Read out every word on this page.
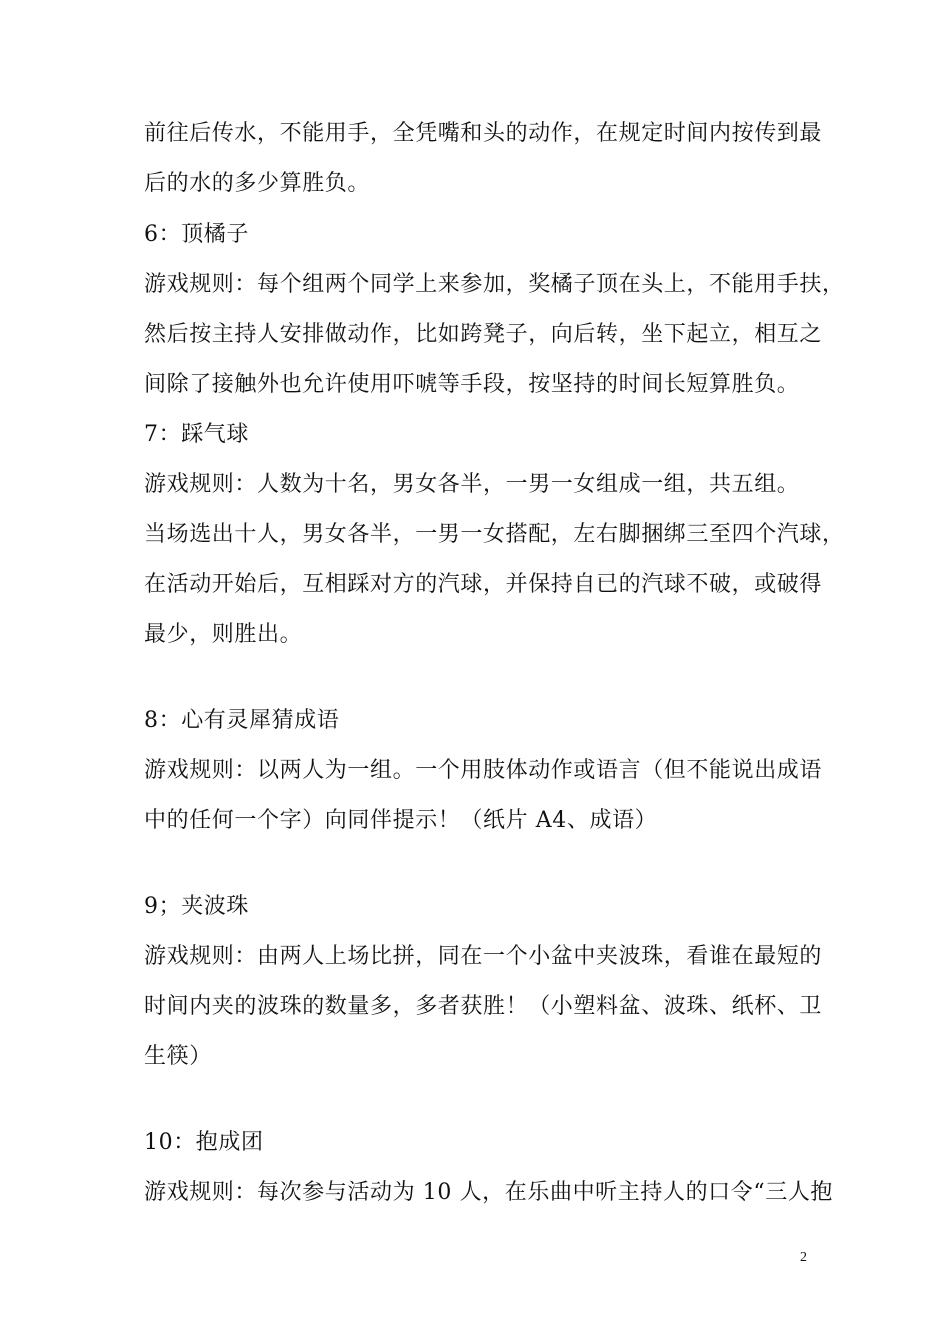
前往后传水，不能用手，全凭嘴和头的动作，在规定时间内按传到最
后的水的多少算胜负。
6：顶橘子
游戏规则：每个组两个同学上来参加，奖橘子顶在头上，不能用手扶，
然后按主持人安排做动作，比如跨凳子，向后转，坐下起立，相互之
间除了接触外也允许使用吓唬等手段，按坚持的时间长短算胜负。
7：踩气球
游戏规则：人数为十名，男女各半，一男一女组成一组，共五组。
当场选出十人，男女各半，一男一女搭配，左右脚捆绑三至四个汽球，
在活动开始后，互相踩对方的汽球，并保持自已的汽球不破，或破得
最少，则胜出。
8：心有灵犀猜成语
游戏规则：以两人为一组。一个用肢体动作或语言（但不能说出成语
中的任何一个字）向同伴提示！（纸片 A4、成语）
9；夹波珠
游戏规则：由两人上场比拼，同在一个小盆中夹波珠，看谁在最短的
时间内夹的波珠的数量多，多者获胜！（小塑料盆、波珠、纸杯、卫
生筷）
10：抱成团
游戏规则：每次参与活动为 10 人，在乐曲中听主持人的口令“三人抱
2
